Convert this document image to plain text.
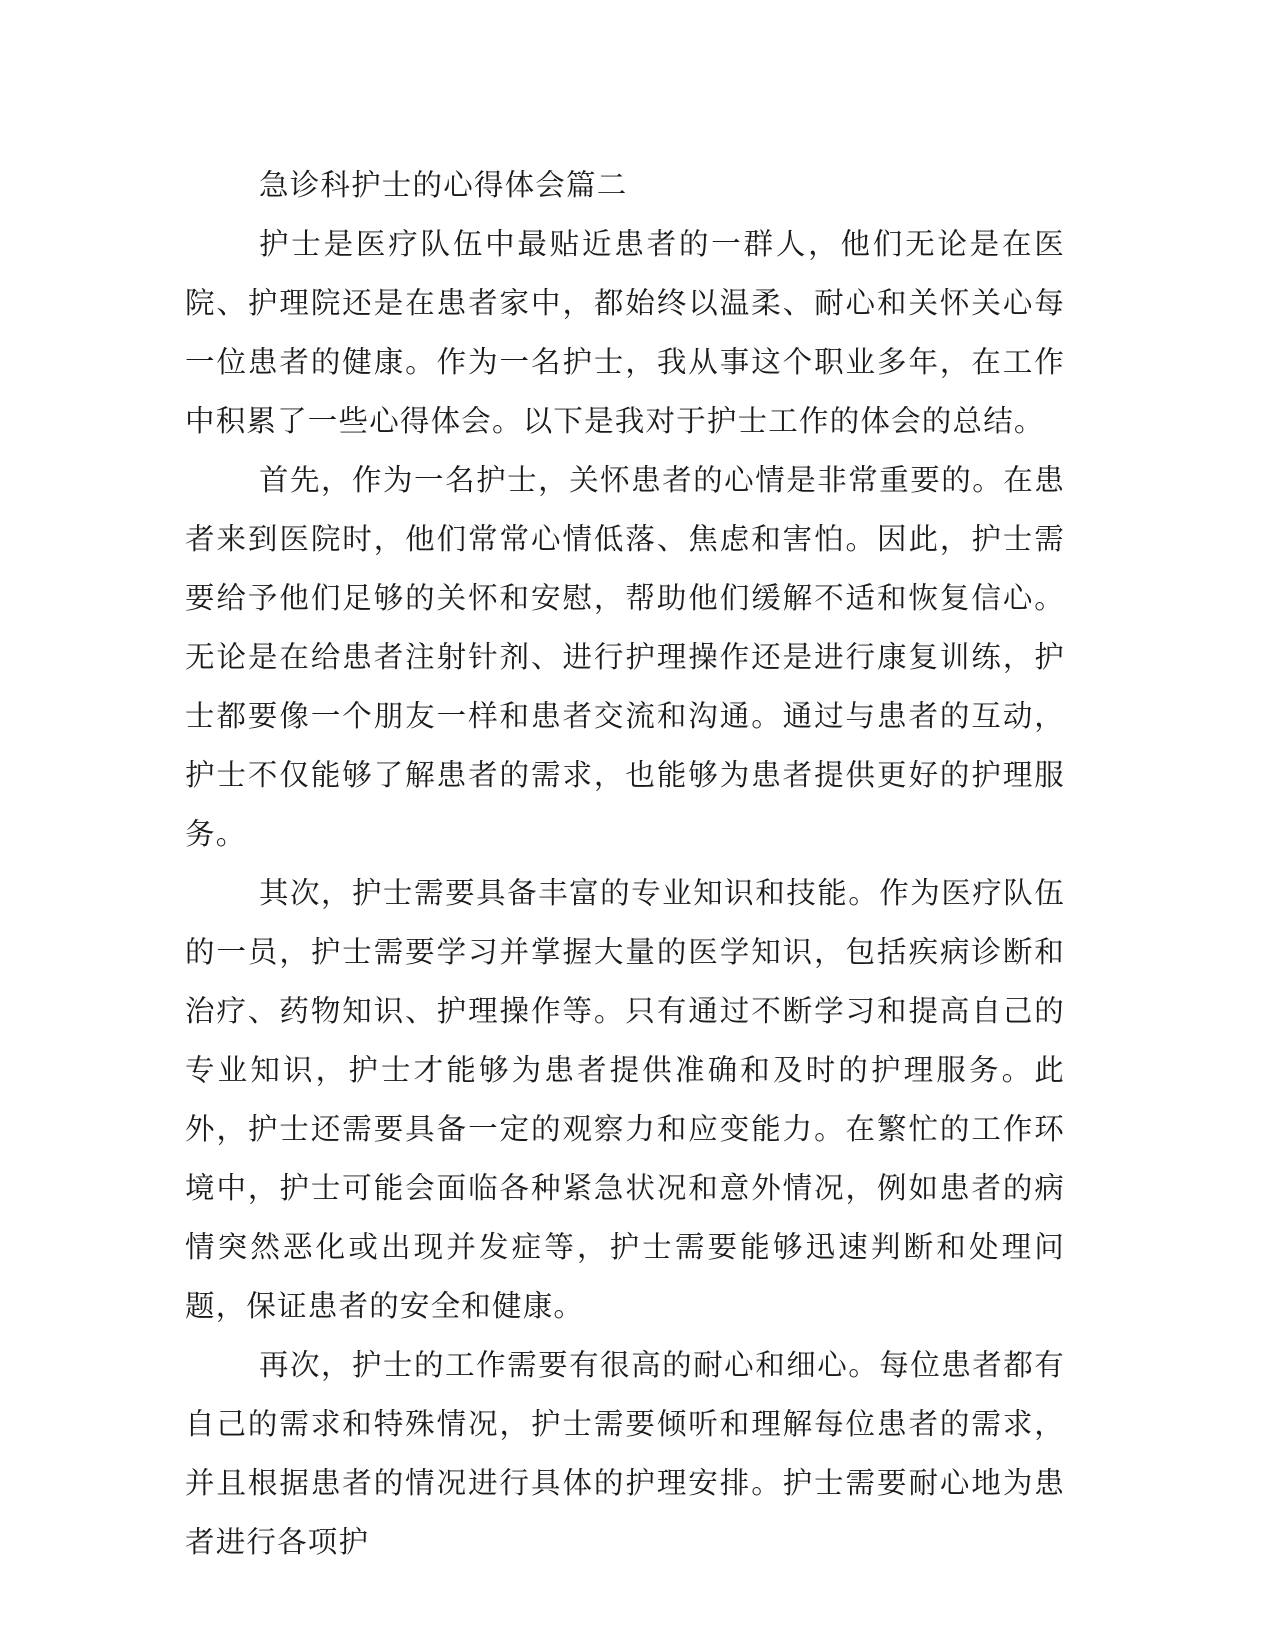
急诊科护士的心得体会篇二

护士是医疗队伍中最贴近患者的一群人，他们无论是在医院、护理院还是在患者家中，都始终以温柔、耐心和关怀关心每一位患者的健康。作为一名护士，我从事这个职业多年，在工作中积累了一些心得体会。以下是我对于护士工作的体会的总结。

首先，作为一名护士，关怀患者的心情是非常重要的。在患者来到医院时，他们常常心情低落、焦虑和害怕。因此，护士需要给予他们足够的关怀和安慰，帮助他们缓解不适和恢复信心。无论是在给患者注射针剂、进行护理操作还是进行康复训练，护士都要像一个朋友一样和患者交流和沟通。通过与患者的互动，护士不仅能够了解患者的需求，也能够为患者提供更好的护理服务。

其次，护士需要具备丰富的专业知识和技能。作为医疗队伍的一员，护士需要学习并掌握大量的医学知识，包括疾病诊断和治疗、药物知识、护理操作等。只有通过不断学习和提高自己的专业知识，护士才能够为患者提供准确和及时的护理服务。此外，护士还需要具备一定的观察力和应变能力。在繁忙的工作环境中，护士可能会面临各种紧急状况和意外情况，例如患者的病情突然恶化或出现并发症等，护士需要能够迅速判断和处理问题，保证患者的安全和健康。

再次，护士的工作需要有很高的耐心和细心。每位患者都有自己的需求和特殊情况，护士需要倾听和理解每位患者的需求，并且根据患者的情况进行具体的护理安排。护士需要耐心地为患者进行各项护
